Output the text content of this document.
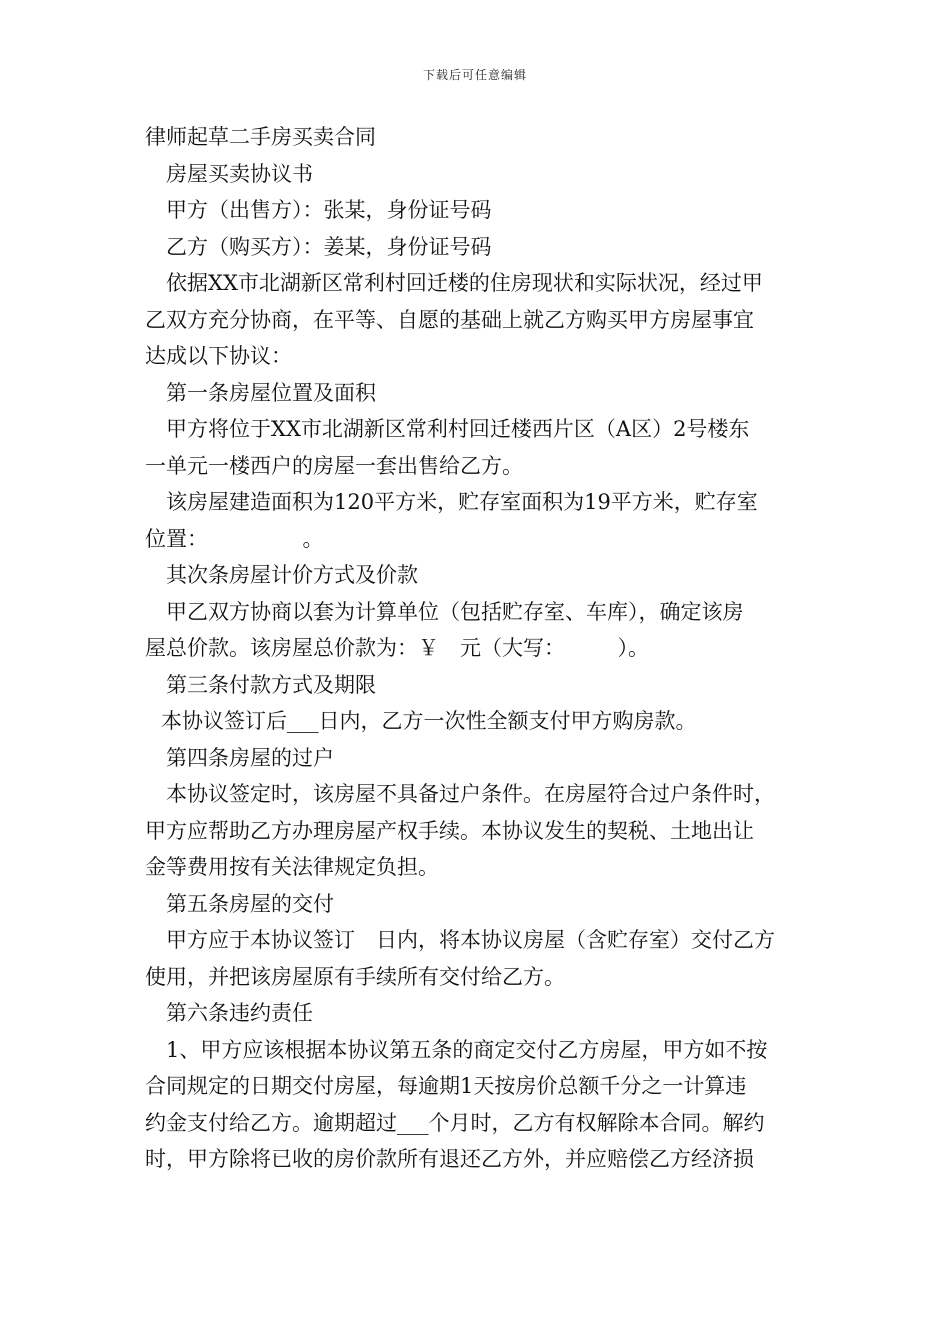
下载后可任意编辑
律师起草二手房买卖合同
房屋买卖协议书
甲方（出售方）：张某，身份证号码
乙方（购买方）：姜某，身份证号码
依据XX市北湖新区常利村回迁楼的住房现状和实际状况，经过甲
乙双方充分协商，在平等、自愿的基础上就乙方购买甲方房屋事宜
达成以下协议：
第一条房屋位置及面积
甲方将位于XX市北湖新区常利村回迁楼西片区（A区）2号楼东
一单元一楼西户的房屋一套出售给乙方。
该房屋建造面积为120平方米，贮存室面积为19平方米，贮存室
位置：　　　　　。
其次条房屋计价方式及价款
甲乙双方协商以套为计算单位（包括贮存室、车库），确定该房
屋总价款。该房屋总价款为：￥　元（大写：　　　）。
第三条付款方式及期限
本协议签订后___日内，乙方一次性全额支付甲方购房款。
第四条房屋的过户
本协议签定时，该房屋不具备过户条件。在房屋符合过户条件时，
甲方应帮助乙方办理房屋产权手续。本协议发生的契税、土地出让
金等费用按有关法律规定负担。
第五条房屋的交付
甲方应于本协议签订　日内，将本协议房屋（含贮存室）交付乙方
使用，并把该房屋原有手续所有交付给乙方。
第六条违约责任
1、甲方应该根据本协议第五条的商定交付乙方房屋，甲方如不按
合同规定的日期交付房屋，每逾期1天按房价总额千分之一计算违
约金支付给乙方。逾期超过___个月时，乙方有权解除本合同。解约
时，甲方除将已收的房价款所有退还乙方外，并应赔偿乙方经济损
